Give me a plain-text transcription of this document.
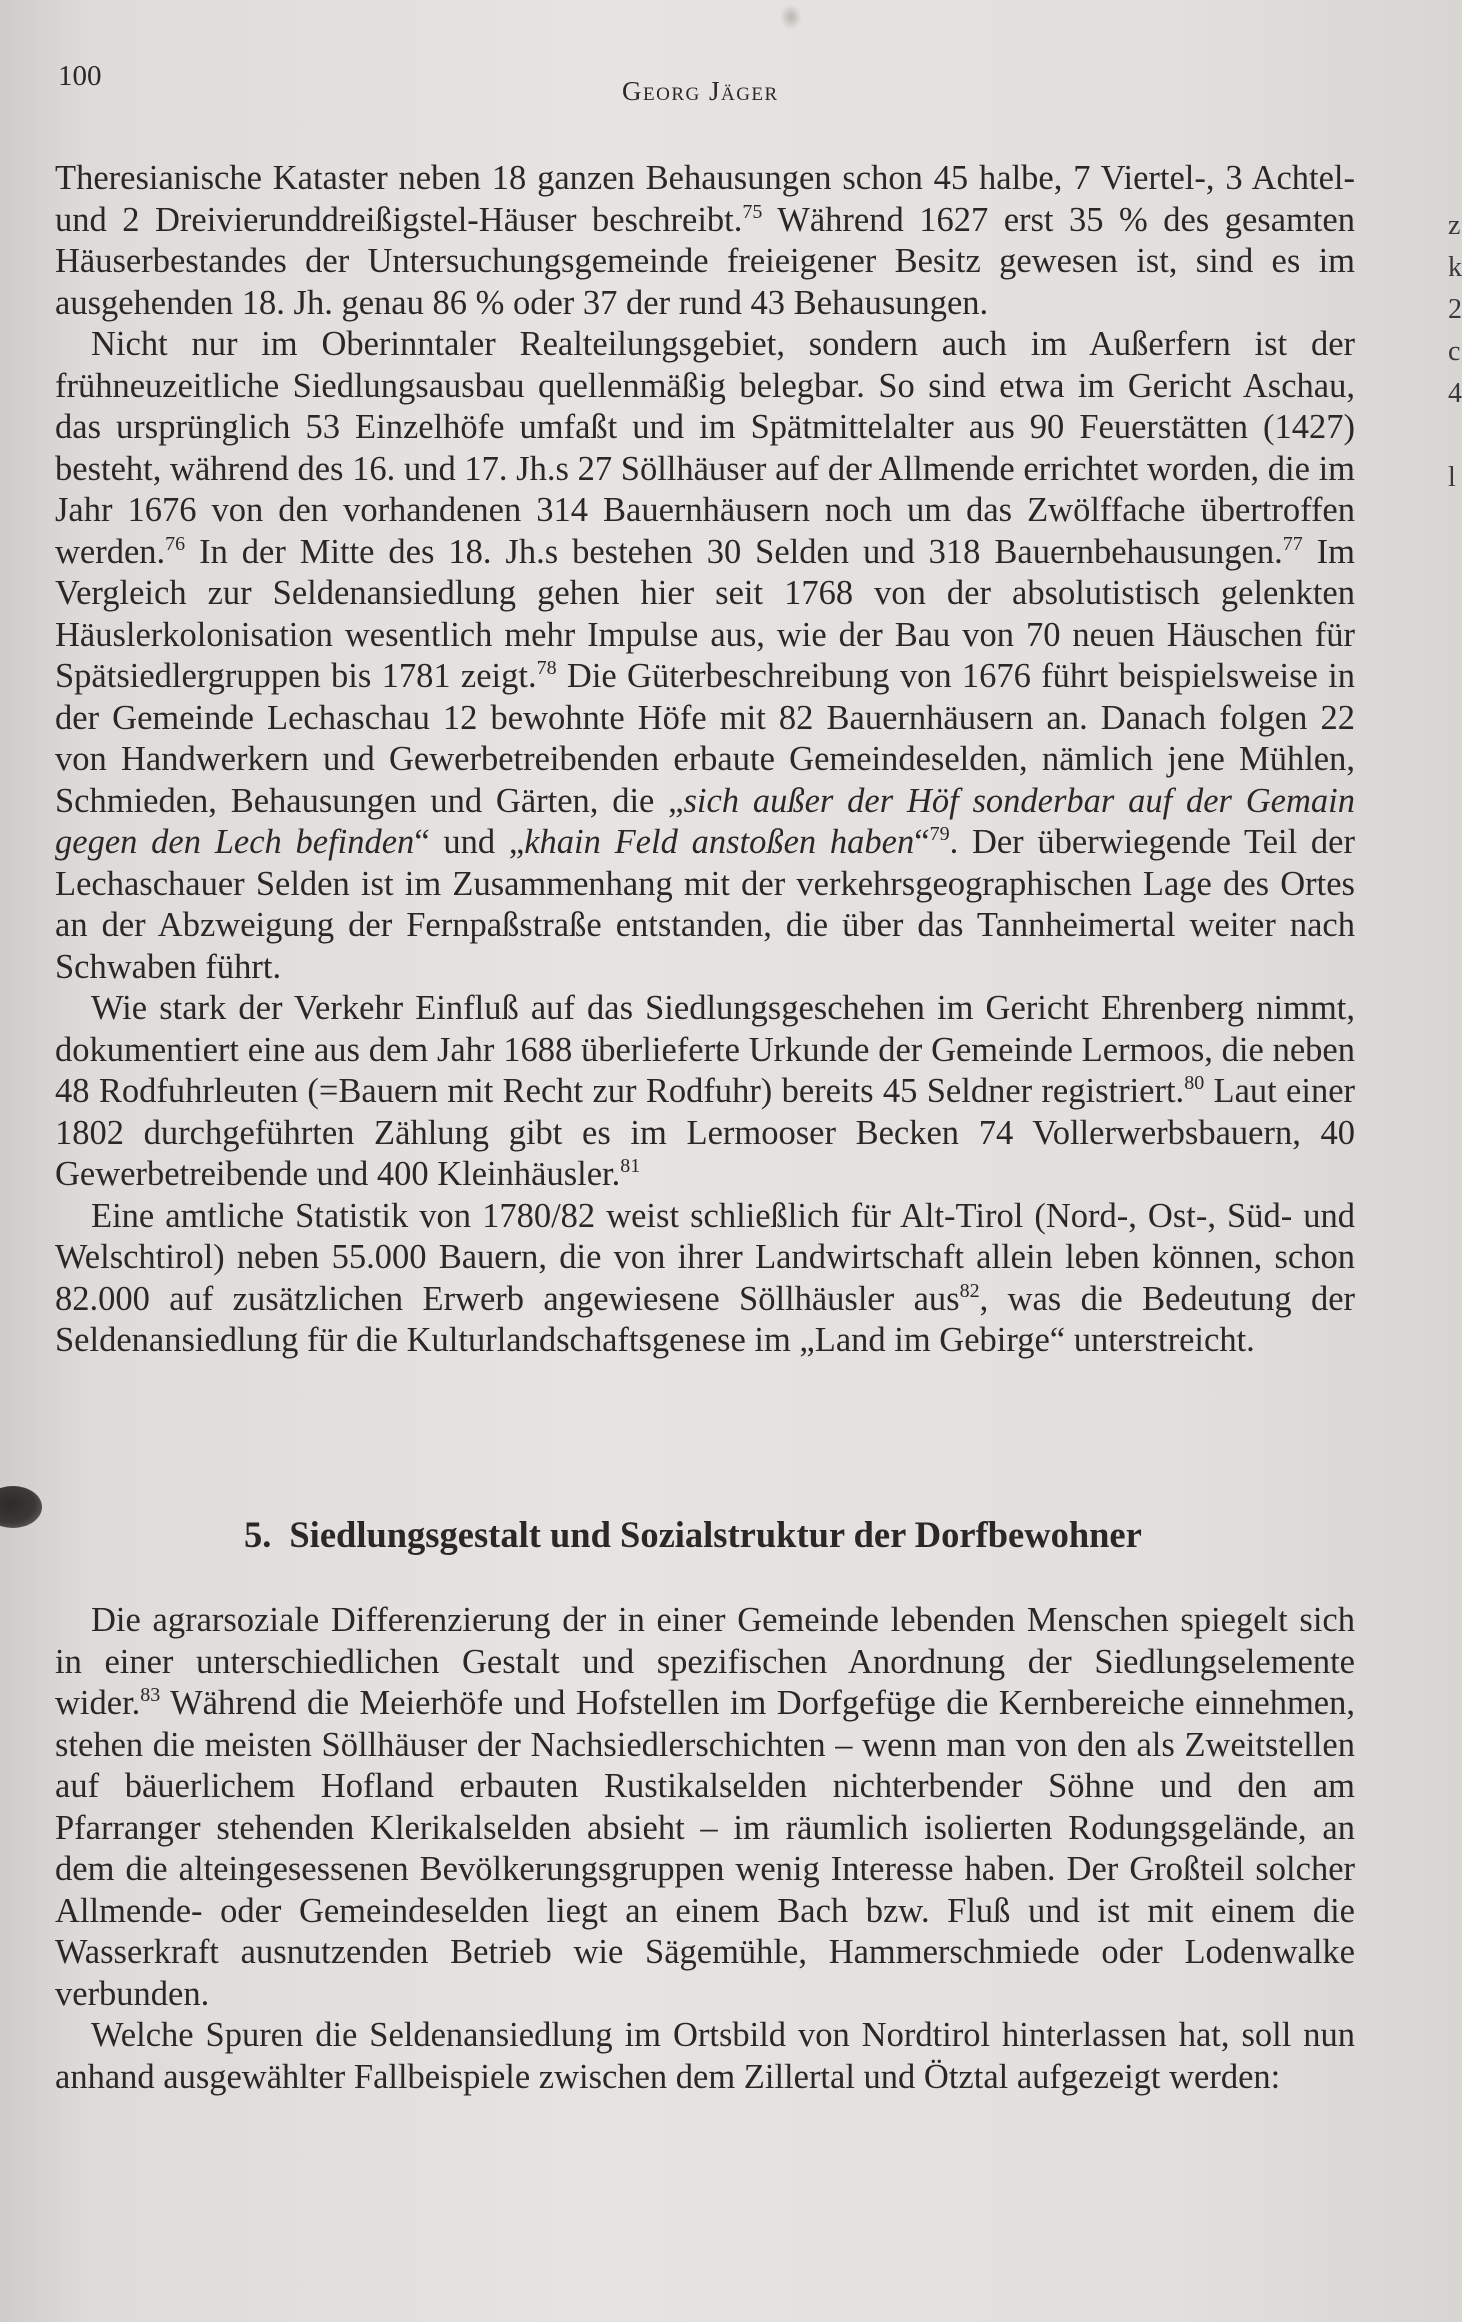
100	Georg Jäger

Theresianische Kataster neben 18 ganzen Behausungen schon 45 halbe, 7 Viertel-, 3 Achtel- und 2 Dreivierunddreißigstel-Häuser beschreibt.$^{75}$ Während 1627 erst 35 % des gesamten Häuserbestandes der Untersuchungsgemeinde freieigener Besitz gewesen ist, sind es im ausgehenden 18. Jh. genau 86 % oder 37 der rund 43 Behausungen.

Nicht nur im Oberinntaler Realteilungsgebiet, sondern auch im Außerfern ist der frühneuzeitliche Siedlungsausbau quellenmäßig belegbar. So sind etwa im Gericht Aschau, das ursprünglich 53 Einzelhöfe umfaßt und im Spätmittelalter aus 90 Feuerstätten (1427) besteht, während des 16. und 17. Jh.s 27 Söllhäuser auf der Allmende errichtet worden, die im Jahr 1676 von den vorhandenen 314 Bauernhäusern noch um das Zwölffache übertroffen werden.$^{76}$ In der Mitte des 18. Jh.s bestehen 30 Selden und 318 Bauernbehausungen.$^{77}$ Im Vergleich zur Seldenansiedlung gehen hier seit 1768 von der absolutistisch gelenkten Häuslerkolonisation wesentlich mehr Impulse aus, wie der Bau von 70 neuen Häuschen für Spätsiedlergruppen bis 1781 zeigt.$^{78}$ Die Güterbeschreibung von 1676 führt beispielsweise in der Gemeinde Lechaschau 12 bewohnte Höfe mit 82 Bauernhäusern an. Danach folgen 22 von Handwerkern und Gewerbetreibenden erbaute Gemeindeselden, nämlich jene Mühlen, Schmieden, Behausungen und Gärten, die „sich außer der Höf sonderbar auf der Gemain gegen den Lech befinden“ und „khain Feld anstoßen haben“$^{79}$. Der überwiegende Teil der Lechaschauer Selden ist im Zusammenhang mit der verkehrsgeographischen Lage des Ortes an der Abzweigung der Fernpaßstraße entstanden, die über das Tannheimertal weiter nach Schwaben führt.

Wie stark der Verkehr Einfluß auf das Siedlungsgeschehen im Gericht Ehrenberg nimmt, dokumentiert eine aus dem Jahr 1688 überlieferte Urkunde der Gemeinde Lermoos, die neben 48 Rodfuhrleuten (=Bauern mit Recht zur Rodfuhr) bereits 45 Seldner registriert.$^{80}$ Laut einer 1802 durchgeführten Zählung gibt es im Lermooser Becken 74 Vollerwerbsbauern, 40 Gewerbetreibende und 400 Kleinhäusler.$^{81}$

Eine amtliche Statistik von 1780/82 weist schließlich für Alt-Tirol (Nord-, Ost-, Süd- und Welschtirol) neben 55.000 Bauern, die von ihrer Landwirtschaft allein leben können, schon 82.000 auf zusätzlichen Erwerb angewiesene Söllhäusler aus$^{82}$, was die Bedeutung der Seldenansiedlung für die Kulturlandschaftsgenese im „Land im Gebirge“ unterstreicht.

5. Siedlungsgestalt und Sozialstruktur der Dorfbewohner

Die agrarsoziale Differenzierung der in einer Gemeinde lebenden Menschen spiegelt sich in einer unterschiedlichen Gestalt und spezifischen Anordnung der Siedlungselemente wider.$^{83}$ Während die Meierhöfe und Hofstellen im Dorfgefüge die Kernbereiche einnehmen, stehen die meisten Söllhäuser der Nachsiedlerschichten – wenn man von den als Zweitstellen auf bäuerlichem Hofland erbauten Rustikalselden nichterbender Söhne und den am Pfarranger stehenden Klerikalselden absieht – im räumlich isolierten Rodungsgelände, an dem die alteingesessenen Bevölkerungsgruppen wenig Interesse haben. Der Großteil solcher Allmende- oder Gemeindeselden liegt an einem Bach bzw. Fluß und ist mit einem die Wasserkraft ausnutzenden Betrieb wie Sägemühle, Hammerschmiede oder Lodenwalke verbunden.

Welche Spuren die Seldenansiedlung im Ortsbild von Nordtirol hinterlassen hat, soll nun anhand ausgewählter Fallbeispiele zwischen dem Zillertal und Ötztal aufgezeigt werden:

z
k
2
c
4
l
